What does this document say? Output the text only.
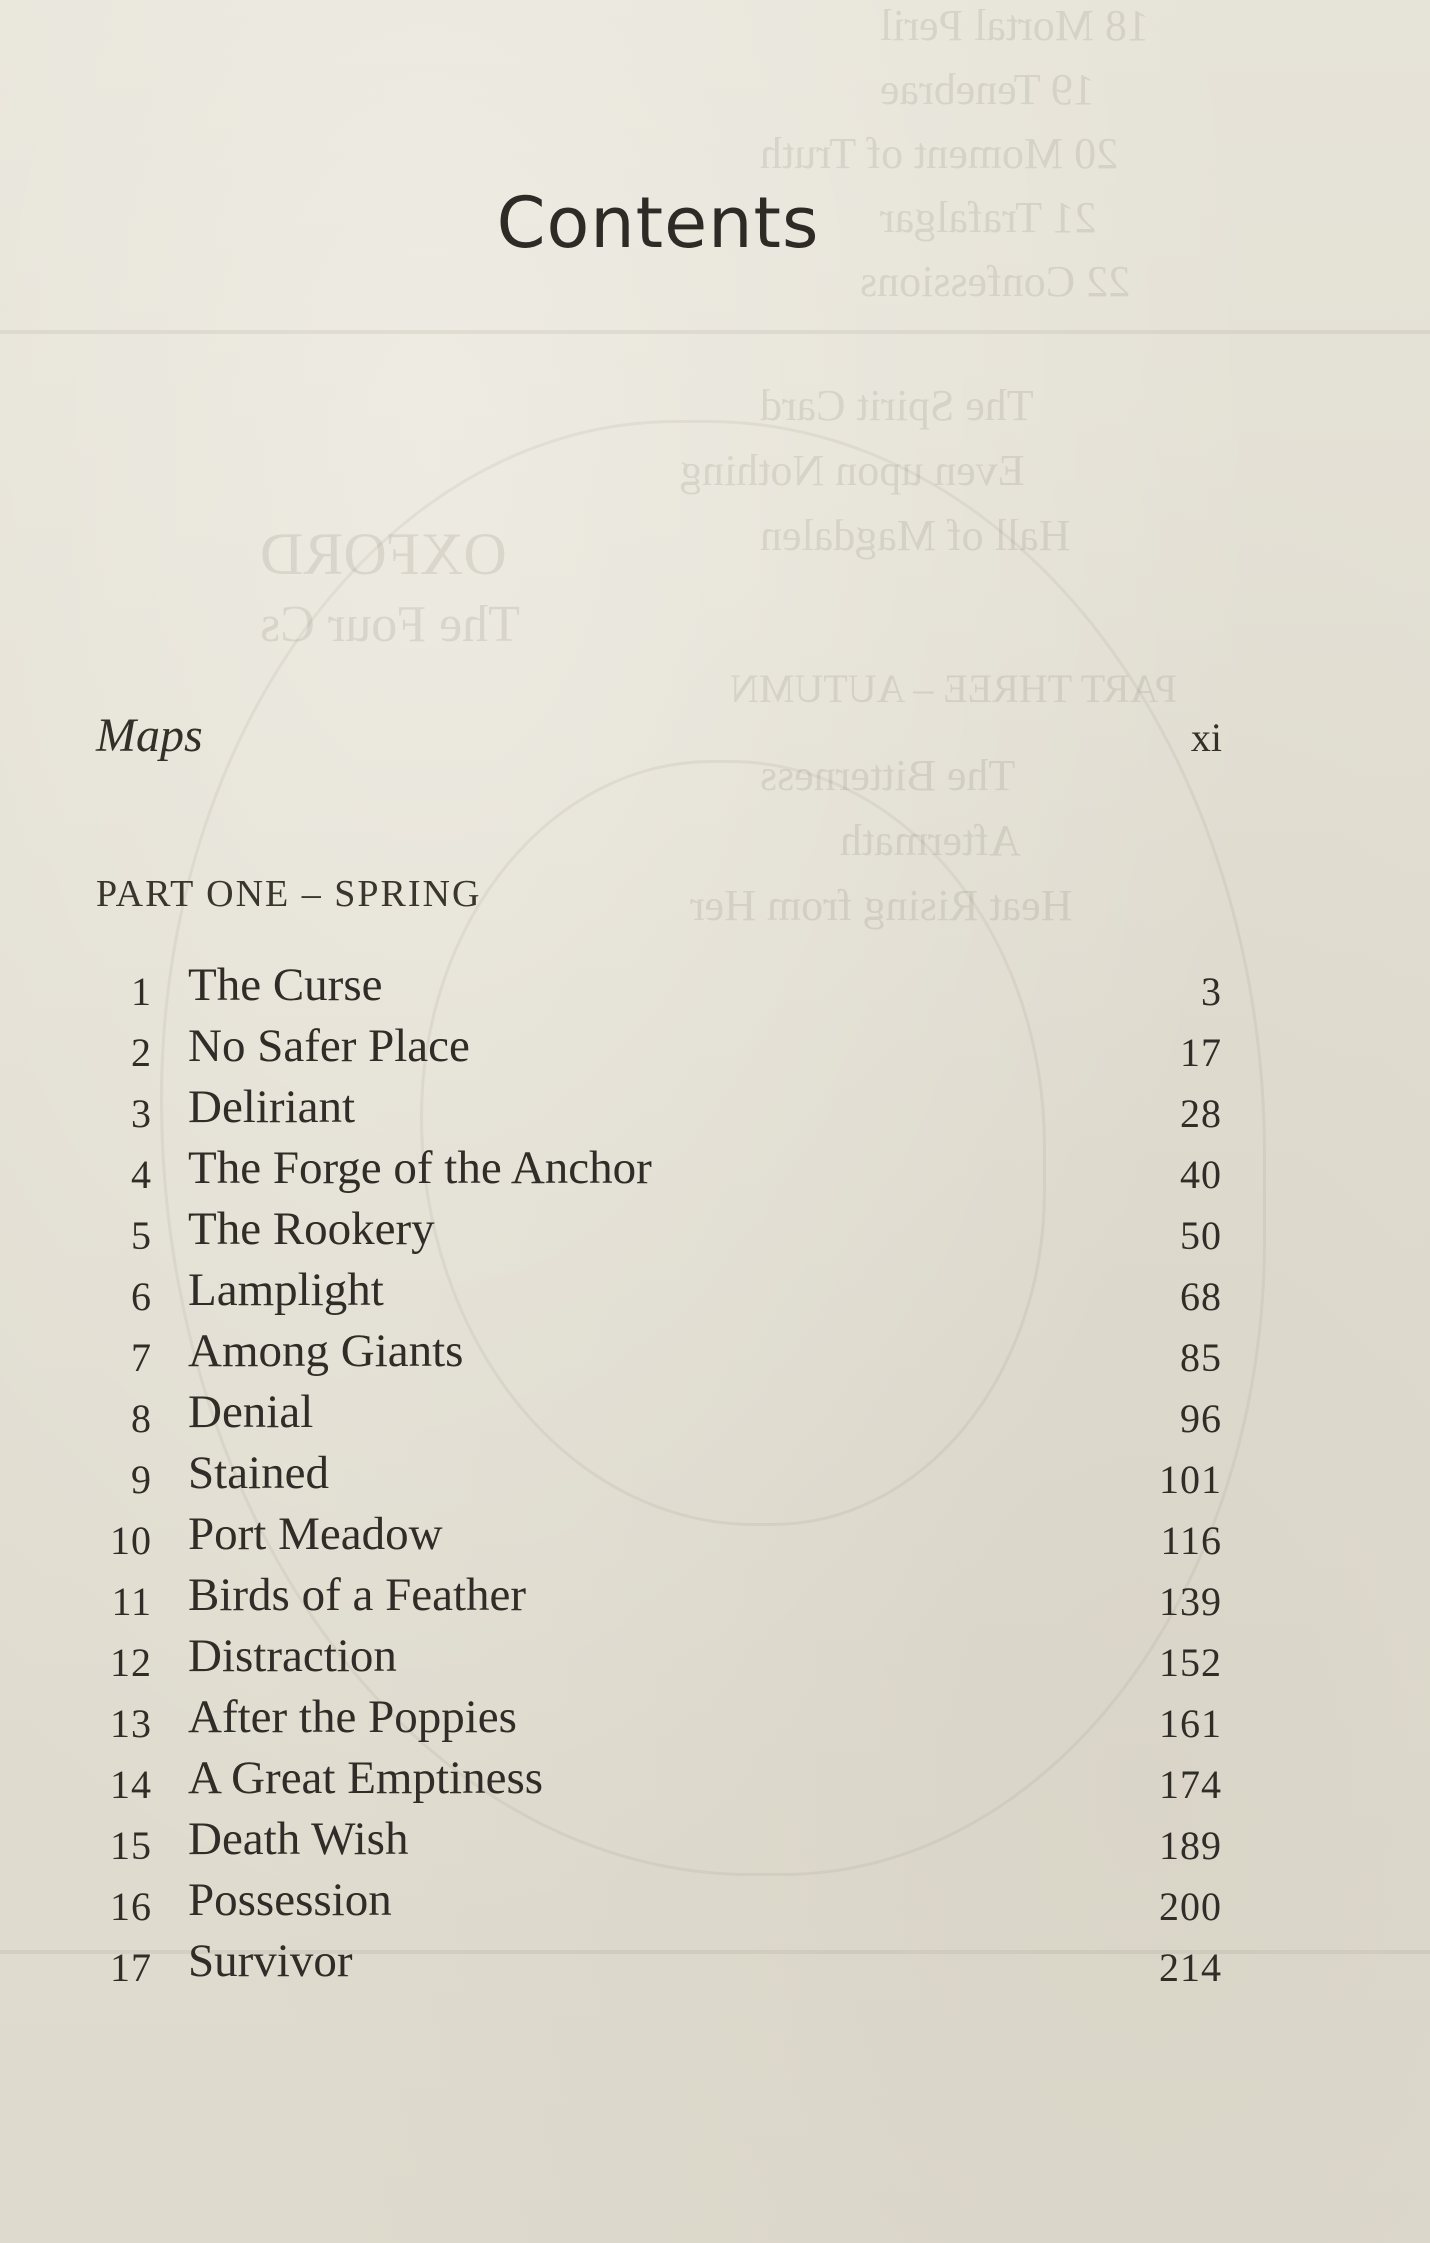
18 Mortal Peril
19 Tenebrae
20 Moment of Truth
21 Trafalgar
22 Confessions
The Spirit Card
Even upon Nothing
Hall of Magdalen
PART THREE – AUTUMN
The Bitterness
Aftermath
Heat Rising from Her
OXFORD
The Four Cs
Contents
Maps	xi
PART ONE – SPRING
1 The Curse	3
2 No Safer Place	17
3 Deliriant	28
4 The Forge of the Anchor	40
5 The Rookery	50
6 Lamplight	68
7 Among Giants	85
8 Denial	96
9 Stained	101
10 Port Meadow	116
11 Birds of a Feather	139
12 Distraction	152
13 After the Poppies	161
14 A Great Emptiness	174
15 Death Wish	189
16 Possession	200
17 Survivor	214
